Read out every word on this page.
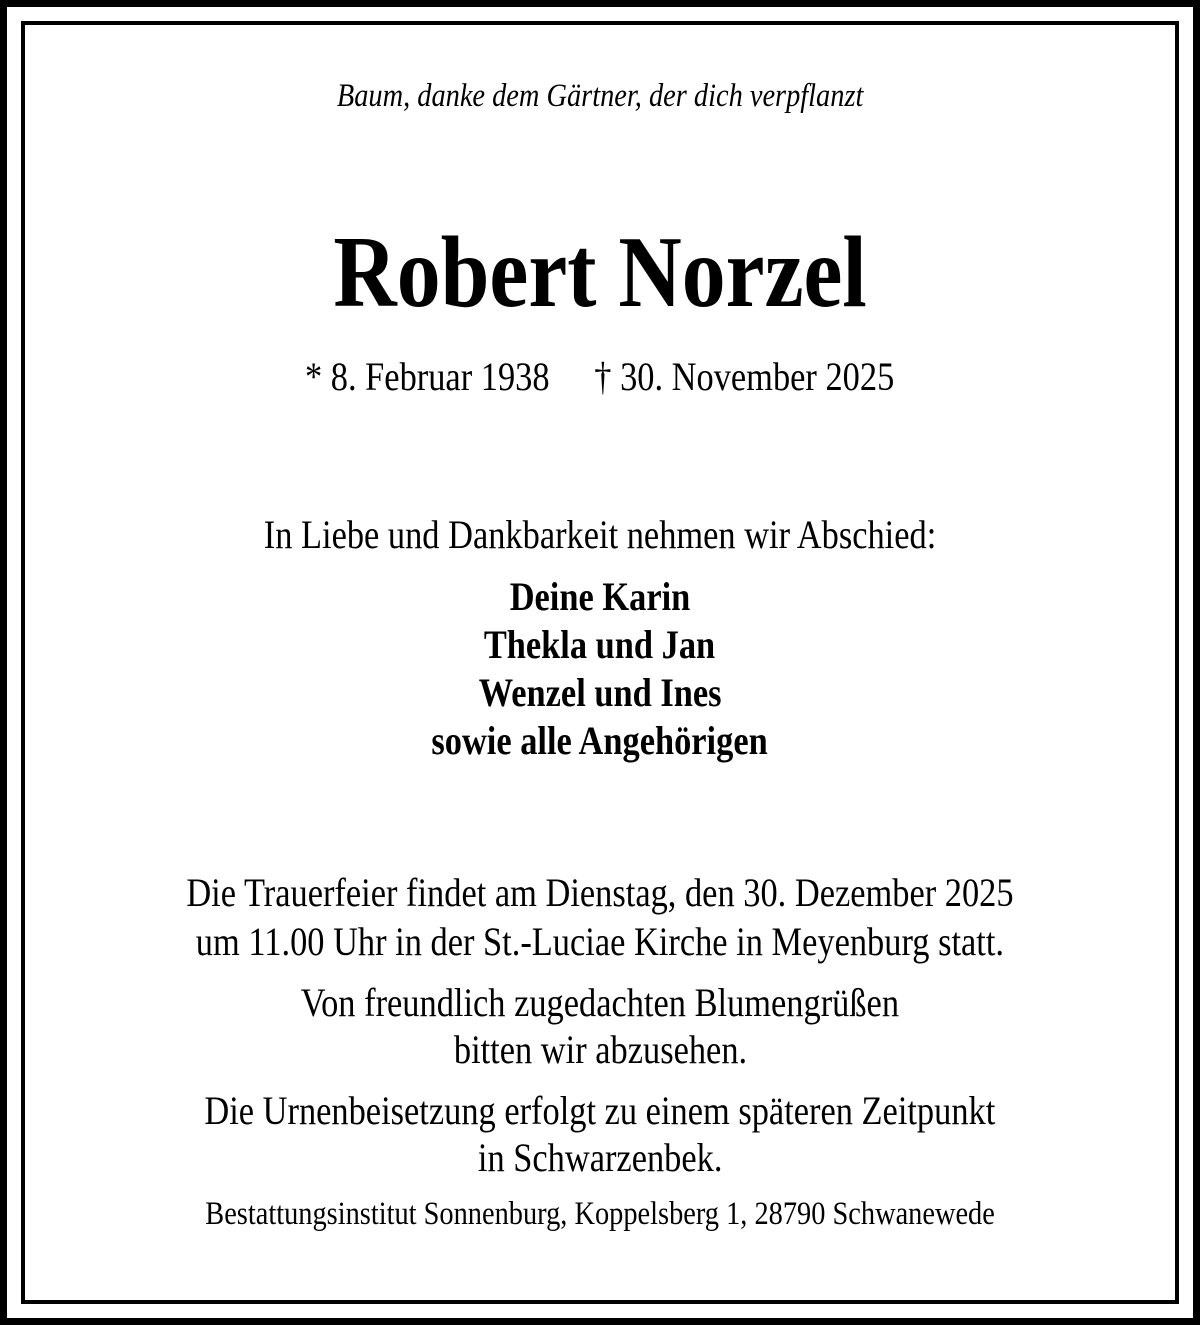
Baum, danke dem Gärtner, der dich verpflanzt
Robert Norzel
* 8. Februar 1938 † 30. November 2025
In Liebe und Dankbarkeit nehmen wir Abschied:
Deine Karin
Thekla und Jan
Wenzel und Ines
sowie alle Angehörigen
Die Trauerfeier findet am Dienstag, den 30. Dezember 2025
um 11.00 Uhr in der St.-Luciae Kirche in Meyenburg statt.
Von freundlich zugedachten Blumengrüßen
bitten wir abzusehen.
Die Urnenbeisetzung erfolgt zu einem späteren Zeitpunkt
in Schwarzenbek.
Bestattungsinstitut Sonnenburg, Koppelsberg 1, 28790 Schwanewede
